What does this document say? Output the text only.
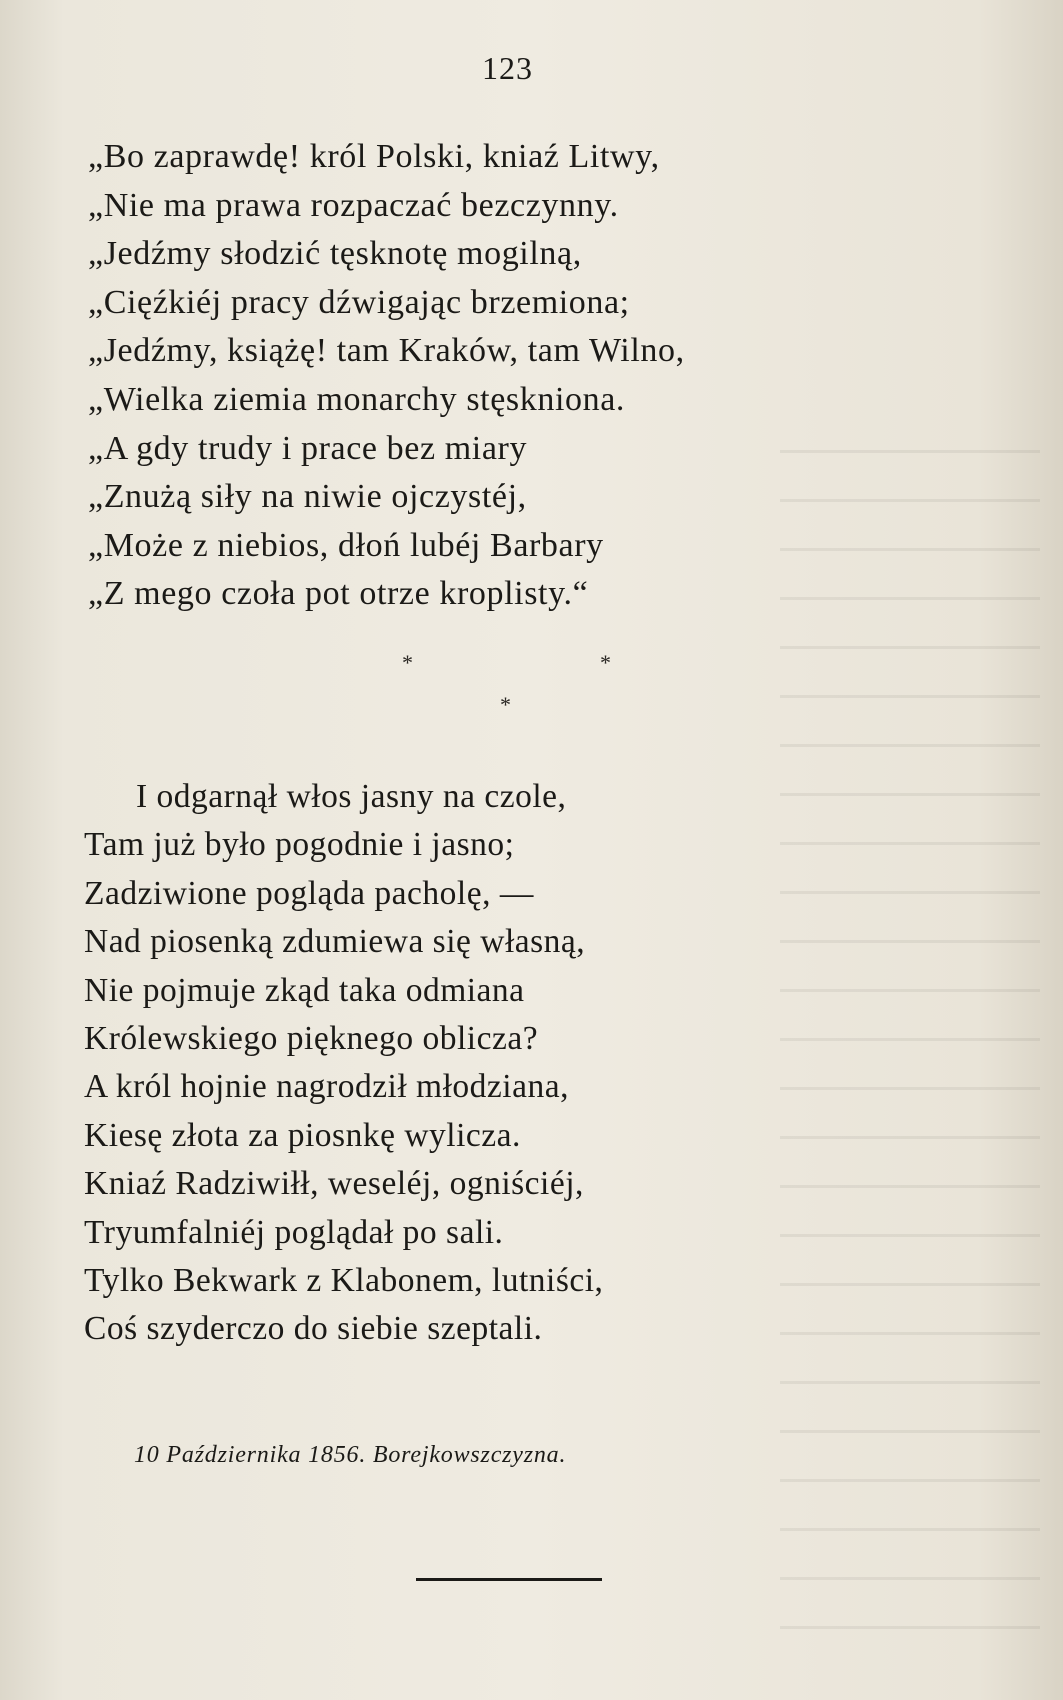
123
„Bo zaprawdę! król Polski, kniaź Litwy,
„Nie ma prawa rozpaczać bezczynny.
„Jedźmy słodzić tęsknotę mogilną,
„Cięźkiéj pracy dźwigając brzemiona;
„Jedźmy, książę! tam Kraków, tam Wilno,
„Wielka ziemia monarchy stęskniona.
„A gdy trudy i prace bez miary
„Znużą siły na niwie ojczystéj,
„Może z niebios, dłoń lubéj Barbary
„Z mego czoła pot otrze kroplisty.“
*	*
*
I odgarnął włos jasny na czole,
Tam już było pogodnie i jasno;
Zadziwione pogląda pacholę, —
Nad piosenką zdumiewa się własną,
Nie pojmuje zkąd taka odmiana
Królewskiego pięknego oblicza?
A król hojnie nagrodził młodziana,
Kiesę złota za piosnkę wylicza.
Kniaź Radziwiłł, weseléj, ogniściéj,
Tryumfalniéj poglądał po sali.
Tylko Bekwark z Klabonem, lutniści,
Coś szyderczo do siebie szeptali.
10 Października 1856. Borejkowszczyzna.
